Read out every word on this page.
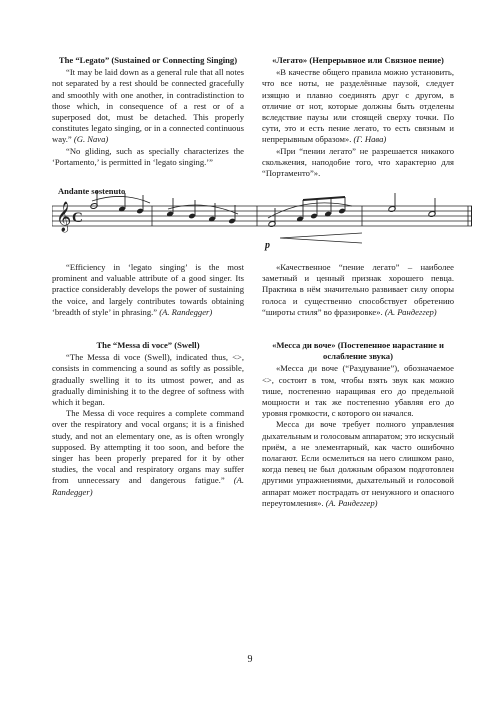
The “Legato” (Sustained or Connecting Singing)

“It may be laid down as a general rule that all notes not separated by a rest should be connected gracefully and smoothly with one another, in contradistinction to those which, in consequence of a rest or of a superposed dot, must be detached. This properly constitutes legato singing, or in a connected continuous way.” (G. Nava)

“No gliding, such as specially characterizes the ‘Portamento,’ is permitted in ‘legato singing.’”

«Легато» (Непрерывное или Связное пение)

«В качестве общего правила можно установить, что все ноты, не разделённые паузой, следует изящно и плавно соединять друг с другом, в отличие от нот, которые должны быть отделены вследствие паузы или стоящей сверху точки. По сути, это и есть пение легато, то есть связным и непрерывным образом». (Г. Нава)

«При “пении легато” не разрешается никакого скольжения, наподобие того, что характерно для “Портаменто”».

Andante sostenuto
𝄞 C
p

“Efficiency in ‘legato singing’ is the most prominent and valuable attribute of a good singer. Its practice considerably develops the power of sustaining the voice, and largely contributes towards obtaining ‘breadth of style’ in phrasing.” (A. Randegger)

«Качественное “пение легато” – наиболее заметный и ценный признак хорошего певца. Практика в нём значительно развивает силу опоры голоса и существенно способствует обретению “ширoты стиля” во фразировке». (А. Рандеггер)

The “Messa di voce” (Swell)

“The Messa di voce (Swell), indicated thus, <>, consists in commencing a sound as softly as possible, gradually swelling it to its utmost power, and as gradually diminishing it to the degree of softness with which it began.

The Messa di voce requires a complete command over the respiratory and vocal organs; it is a finished study, and not an elementary one, as is often wrongly supposed. By attempting it too soon, and before the singer has been properly prepared for it by other studies, the vocal and respiratory organs may suffer from unnecessary and dangerous fatigue.” (A. Randegger)

«Месса ди воче» (Постепенное нарастание и ослабление звука)

«Месса ди воче (“Раздувание”), обозначаемое <>, состоит в том, чтобы взять звук как можно тише, постепенно наращивая его до предельной мощности и так же постепенно убавляя его до уровня громкости, с которого он начался.

Месса ди воче требует полного управления дыхательным и голосовым аппаратом; это искусный приём, а не элементарный, как часто ошибочно полагают. Если осмелиться на него слишком рано, когда певец не был должным образом подготовлен другими упражнениями, дыхательный и голосовой аппарат может пострадать от ненужного и опасного переутомления». (А. Рандеггер)

9
